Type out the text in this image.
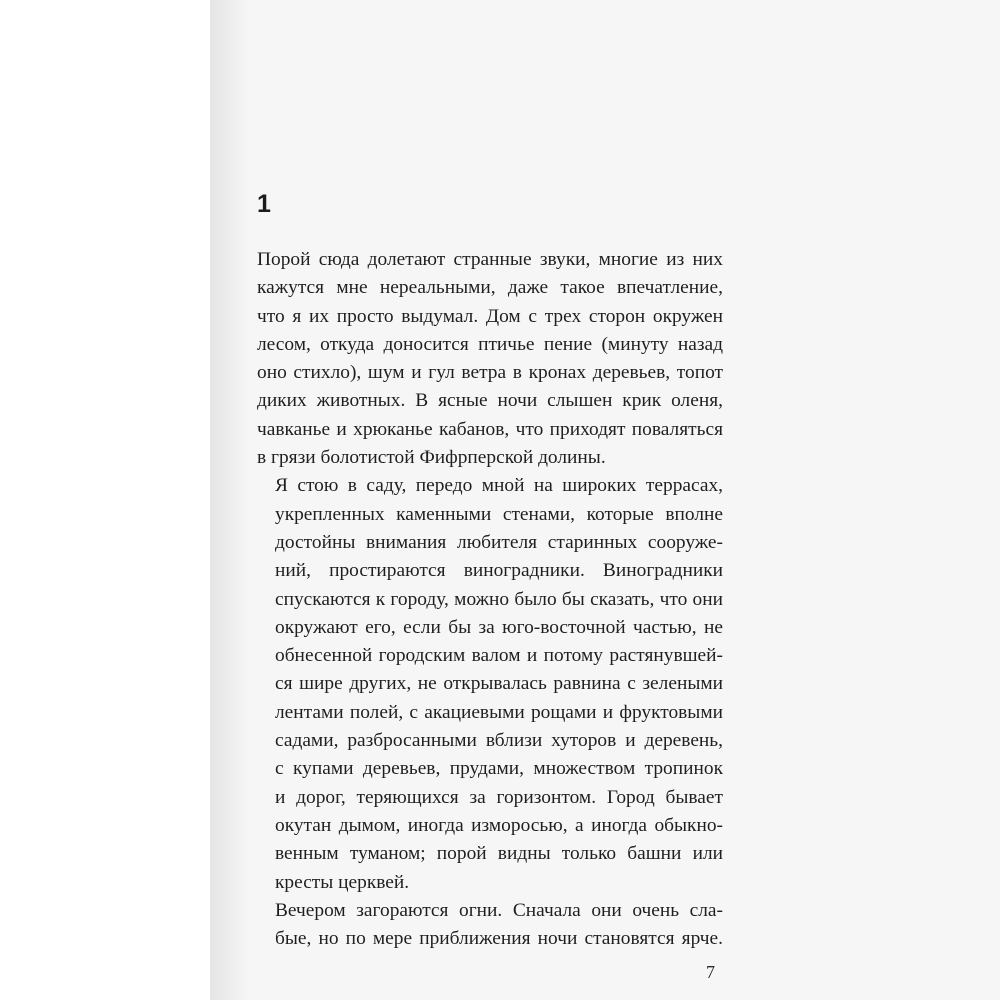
1

Порой сюда долетают странные звуки, многие из них
кажутся мне нереальными, даже такое впечатление,
что я их просто выдумал. Дом с трех сторон окружен
лесом, откуда доносится птичье пение (минуту назад
оно стихло), шум и гул ветра в кронах деревьев, топот
диких животных. В ясные ночи слышен крик оленя,
чавканье и хрюканье кабанов, что приходят поваляться
в грязи болотистой Фифрперской долины.

Я стою в саду, передо мной на широких террасах,
укрепленных каменными стенами, которые вполне
достойны внимания любителя старинных сооруже-
ний, простираются виноградники. Виноградники
спускаются к городу, можно было бы сказать, что они
окружают его, если бы за юго-восточной частью, не
обнесенной городским валом и потому растянувшей-
ся шире других, не открывалась равнина с зелеными
лентами полей, с акациевыми рощами и фруктовыми
садами, разбросанными вблизи хуторов и деревень,
с купами деревьев, прудами, множеством тропинок
и дорог, теряющихся за горизонтом. Город бывает
окутан дымом, иногда изморосью, а иногда обыкно-
венным туманом; порой видны только башни или
кресты церквей.

Вечером загораются огни. Сначала они очень сла-
бые, но по мере приближения ночи становятся ярче.

7
